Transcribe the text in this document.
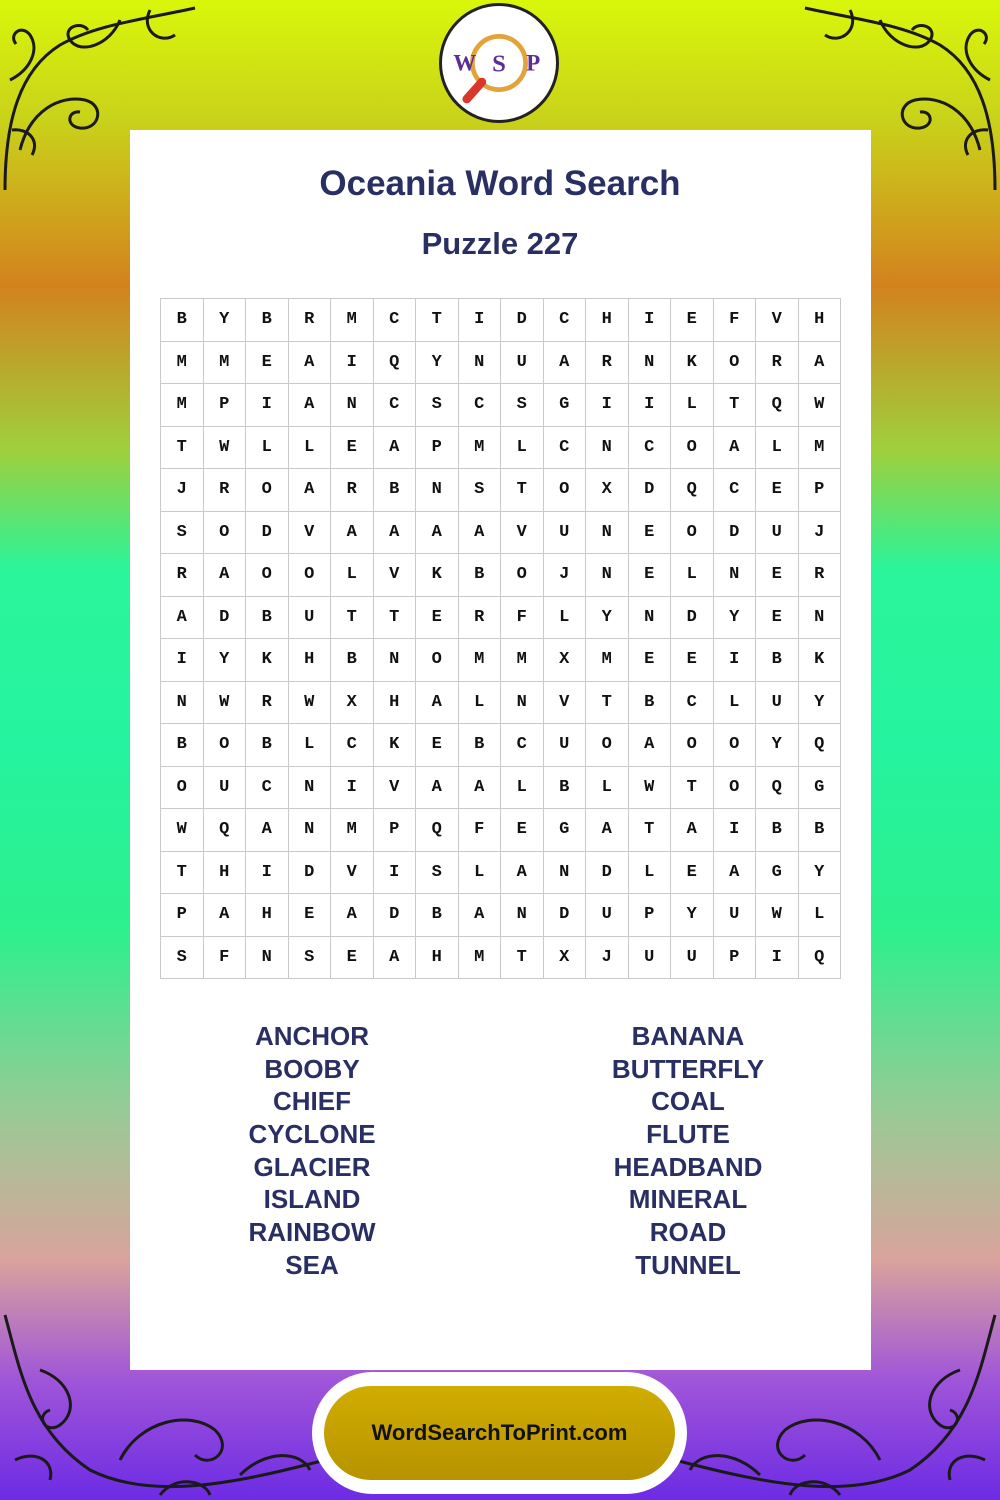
W S P
Oceania Word Search
Puzzle 227
B	Y	B	R	M	C	T	I	D	C	H	I	E	F	V	H
M	M	E	A	I	Q	Y	N	U	A	R	N	K	O	R	A
M	P	I	A	N	C	S	C	S	G	I	I	L	T	Q	W
T	W	L	L	E	A	P	M	L	C	N	C	O	A	L	M
J	R	O	A	R	B	N	S	T	O	X	D	Q	C	E	P
S	O	D	V	A	A	A	A	V	U	N	E	O	D	U	J
R	A	O	O	L	V	K	B	O	J	N	E	L	N	E	R
A	D	B	U	T	T	E	R	F	L	Y	N	D	Y	E	N
I	Y	K	H	B	N	O	M	M	X	M	E	E	I	B	K
N	W	R	W	X	H	A	L	N	V	T	B	C	L	U	Y
B	O	B	L	C	K	E	B	C	U	O	A	O	O	Y	Q
O	U	C	N	I	V	A	A	L	B	L	W	T	O	Q	G
W	Q	A	N	M	P	Q	F	E	G	A	T	A	I	B	B
T	H	I	D	V	I	S	L	A	N	D	L	E	A	G	Y
P	A	H	E	A	D	B	A	N	D	U	P	Y	U	W	L
S	F	N	S	E	A	H	M	T	X	J	U	U	P	I	Q
ANCHOR
BOOBY
CHIEF
CYCLONE
GLACIER
ISLAND
RAINBOW
SEA
BANANA
BUTTERFLY
COAL
FLUTE
HEADBAND
MINERAL
ROAD
TUNNEL
WordSearchToPrint.com
